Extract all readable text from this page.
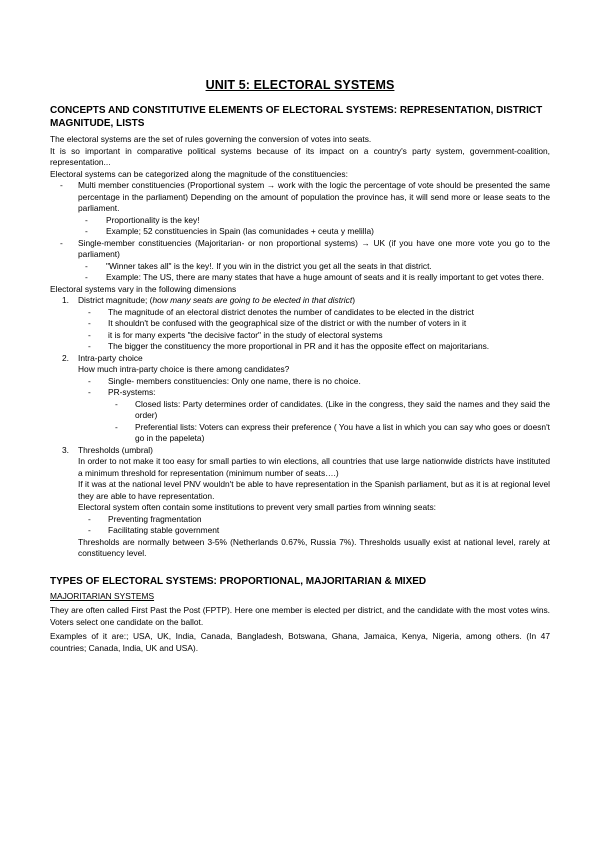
UNIT 5: ELECTORAL SYSTEMS
CONCEPTS AND CONSTITUTIVE ELEMENTS OF ELECTORAL SYSTEMS: REPRESENTATION, DISTRICT MAGNITUDE, LISTS
The electoral systems are the set of rules governing the conversion of votes into seats.
It is so important in comparative political systems because of its impact on a country's party system, government-coalition, representation...
Electoral systems can be categorized along the magnitude of the constituencies:
-	Multi member constituencies (Proportional system → work with the logic the percentage of vote should be presented the same percentage in the parliament) Depending on the amount of population the province has, it will send more or lease seats to the parliament.
-	Proportionality is the key!
-	Example; 52 constituencies in Spain (las comunidades + ceuta y melilla)
-	Single-member constituencies (Majoritarian- or non proportional systems) → UK (if you have one more vote you go to the parliament)
-	"Winner takes all" is the key!. If you win in the district you get all the seats in that district.
-	Example: The US, there are many states that have a huge amount of seats and it is really important to get votes there.
Electoral systems vary in the following dimensions
1.	District magnitude; (how many seats are going to be elected in that district)
-	The magnitude of an electoral district denotes the number of candidates to be elected in the district
-	It shouldn't be confused with the geographical size of the district or with the number of voters in it
-	it is for many experts "the decisive factor" in the study of electoral systems
-	The bigger the constituency the more proportional in PR and it has the opposite effect on majoritarians.
2.	Intra-party choice
How much intra-party choice is there among candidates?
-	Single- members constituencies: Only one name, there is no choice.
-	PR-systems:
-	Closed lists: Party determines order of candidates. (Like in the congress, they said the names and they said the order)
-	Preferential lists: Voters can express their preference ( You have a list in which you can say who goes or doesn't go in the papeleta)
3.	Thresholds (umbral)
In order to not make it too easy for small parties to win elections, all countries that use large nationwide districts have instituted a minimum threshold for representation (minimum number of seats….)
If it was at the national level PNV wouldn't be able to have representation in the Spanish parliament, but as it is at regional level they are able to have representation.
Electoral system often contain some institutions to prevent very small parties from winning seats:
-	Preventing fragmentation
-	Facilitating stable government
Thresholds are normally between 3-5% (Netherlands 0.67%, Russia 7%). Thresholds usually exist at national level, rarely at constituency level.
TYPES OF ELECTORAL SYSTEMS: PROPORTIONAL, MAJORITARIAN & MIXED
MAJORITARIAN SYSTEMS
They are often called First Past the Post (FPTP). Here one member is elected per district, and the candidate with the most votes wins. Voters select one candidate on the ballot.
Examples of it are:; USA, UK, India, Canada, Bangladesh, Botswana, Ghana, Jamaica, Kenya, Nigeria, among others. (In 47 countries; Canada, India, UK and USA).
